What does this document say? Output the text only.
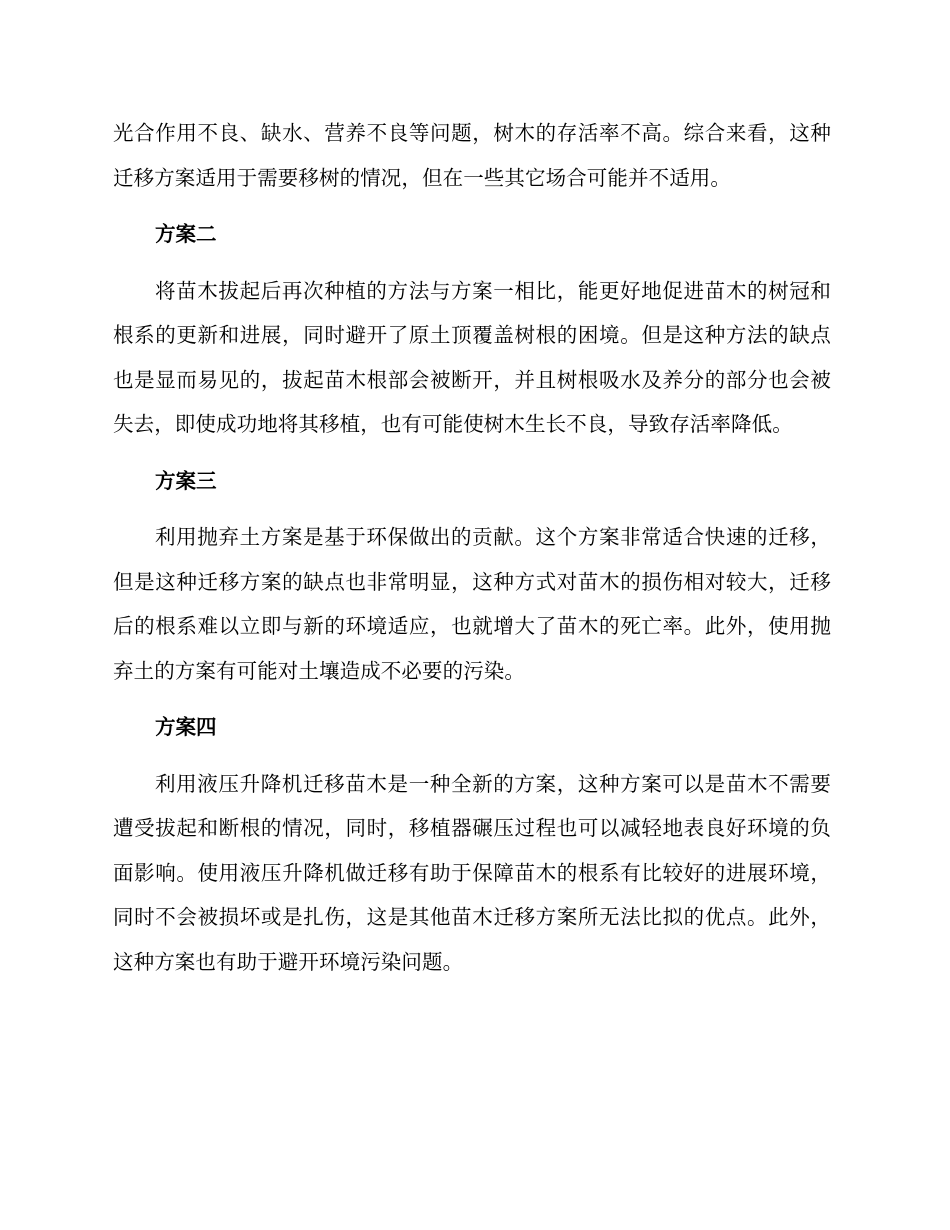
光合作用不良、缺水、营养不良等问题，树木的存活率不高。综合来看，这种迁移方案适用于需要移树的情况，但在一些其它场合可能并不适用。

方案二

将苗木拔起后再次种植的方法与方案一相比，能更好地促进苗木的树冠和根系的更新和进展，同时避开了原土顶覆盖树根的困境。但是这种方法的缺点也是显而易见的，拔起苗木根部会被断开，并且树根吸水及养分的部分也会被失去，即使成功地将其移植，也有可能使树木生长不良，导致存活率降低。

方案三

利用抛弃土方案是基于环保做出的贡献。这个方案非常适合快速的迁移，但是这种迁移方案的缺点也非常明显，这种方式对苗木的损伤相对较大，迁移后的根系难以立即与新的环境适应，也就增大了苗木的死亡率。此外，使用抛弃土的方案有可能对土壤造成不必要的污染。

方案四

利用液压升降机迁移苗木是一种全新的方案，这种方案可以是苗木不需要遭受拔起和断根的情况，同时，移植器碾压过程也可以减轻地表良好环境的负面影响。使用液压升降机做迁移有助于保障苗木的根系有比较好的进展环境，同时不会被损坏或是扎伤，这是其他苗木迁移方案所无法比拟的优点。此外，这种方案也有助于避开环境污染问题。
